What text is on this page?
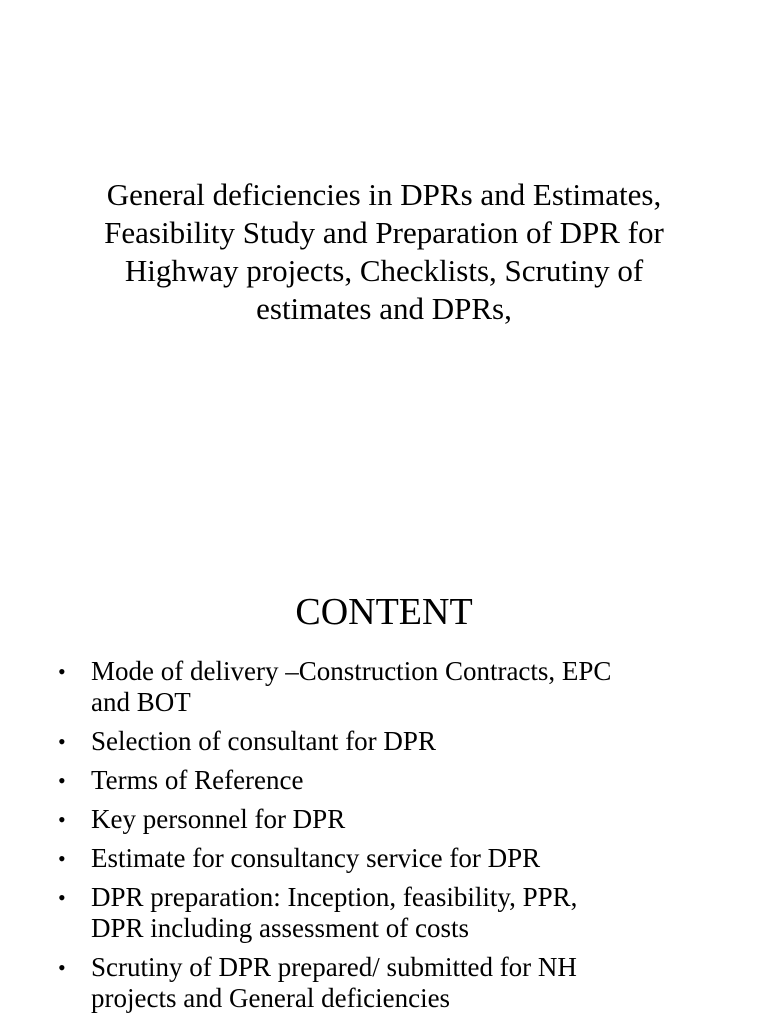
General deficiencies in DPRs and Estimates,
Feasibility Study and Preparation of DPR for
Highway projects, Checklists, Scrutiny of
estimates and DPRs,
CONTENT
• Mode of delivery –Construction Contracts, EPC
and BOT
• Selection of consultant for DPR
• Terms of Reference
• Key personnel for DPR
• Estimate for consultancy service for DPR
• DPR preparation: Inception, feasibility, PPR,
DPR including assessment of costs
• Scrutiny of DPR prepared/ submitted for NH
projects and General deficiencies
